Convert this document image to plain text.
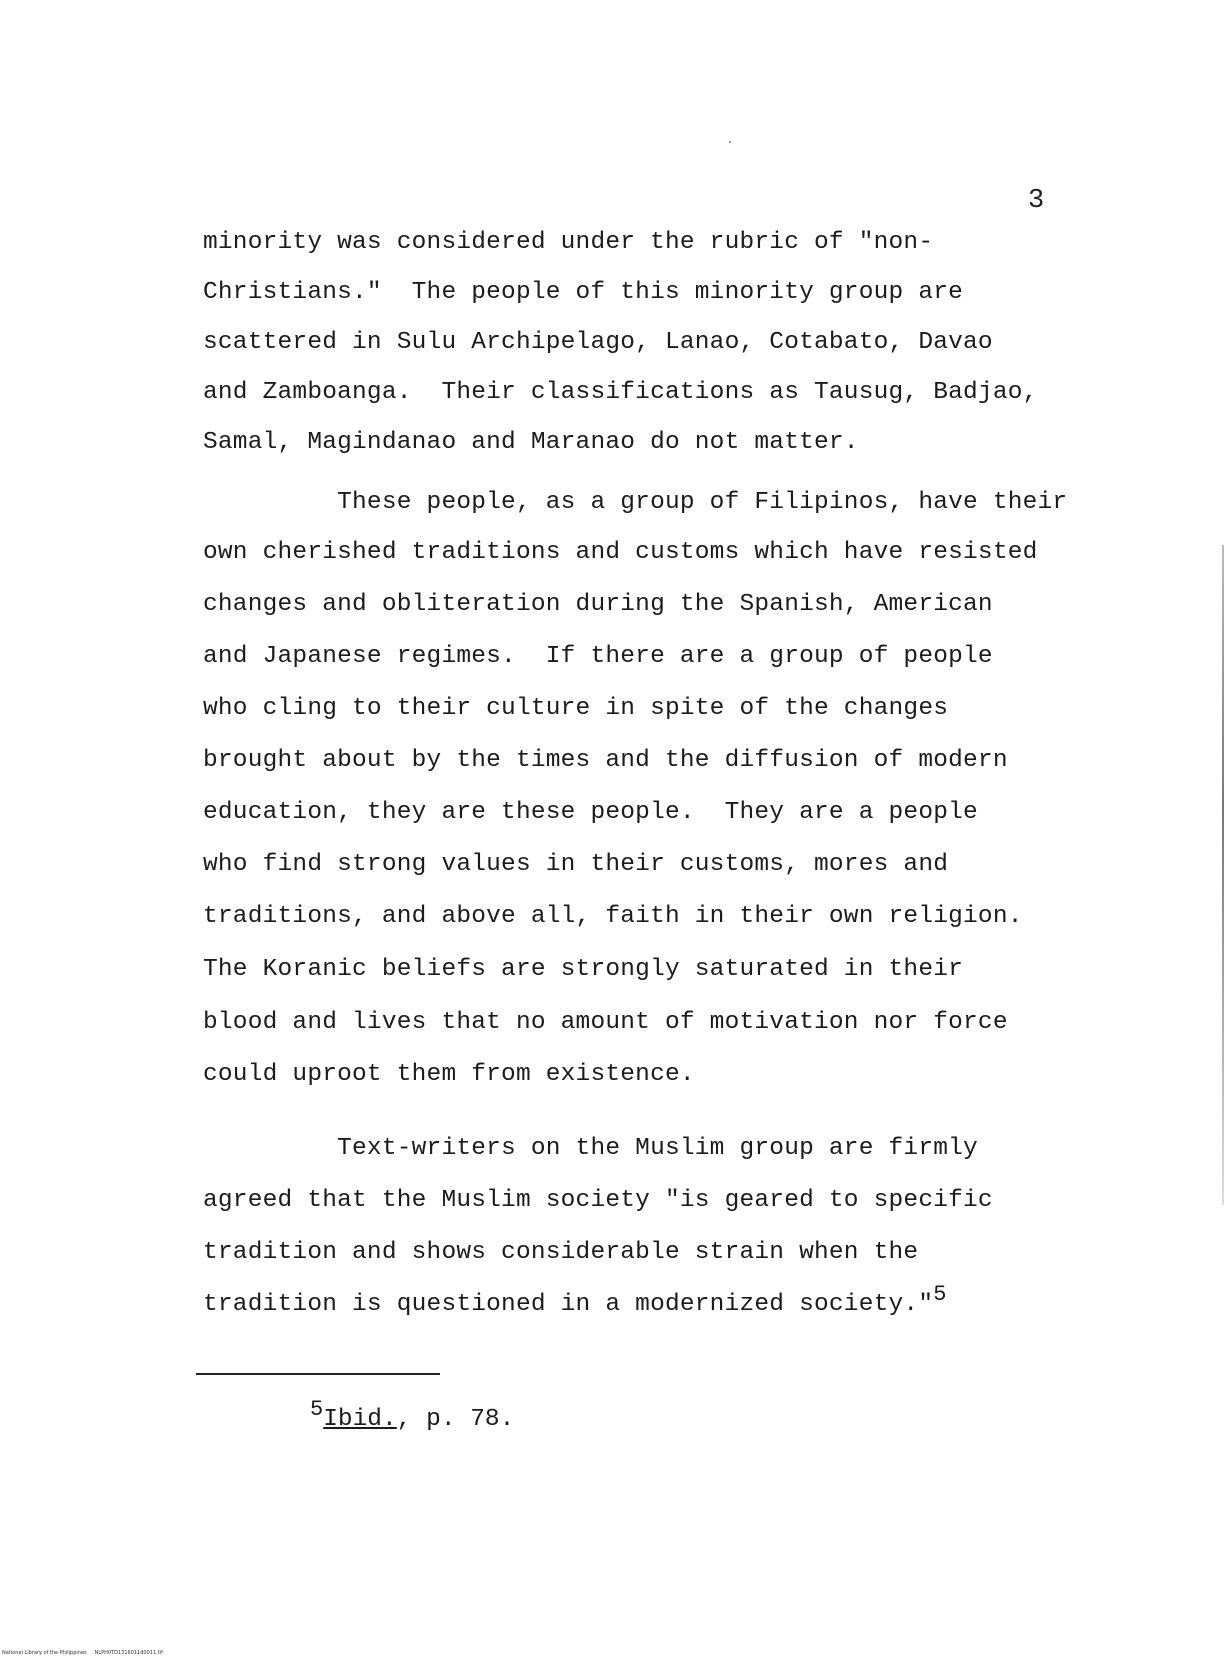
3
minority was considered under the rubric of "non-
Christians."  The people of this minority group are
scattered in Sulu Archipelago, Lanao, Cotabato, Davao
and Zamboanga.  Their classifications as Tausug, Badjao,
Samal, Magindanao and Maranao do not matter.
These people, as a group of Filipinos, have their
own cherished traditions and customs which have resisted
changes and obliteration during the Spanish, American
and Japanese regimes.  If there are a group of people
who cling to their culture in spite of the changes
brought about by the times and the diffusion of modern
education, they are these people.  They are a people
who find strong values in their customs, mores and
traditions, and above all, faith in their own religion.
The Koranic beliefs are strongly saturated in their
blood and lives that no amount of motivation nor force
could uproot them from existence.
Text-writers on the Muslim group are firmly
agreed that the Muslim society "is geared to specific
tradition and shows considerable strain when the
tradition is questioned in a modernized society."$^5$
$^5$Ibid., p. 78.
National Library of the Philippines     NLPH0TD1316011d0011.tif
